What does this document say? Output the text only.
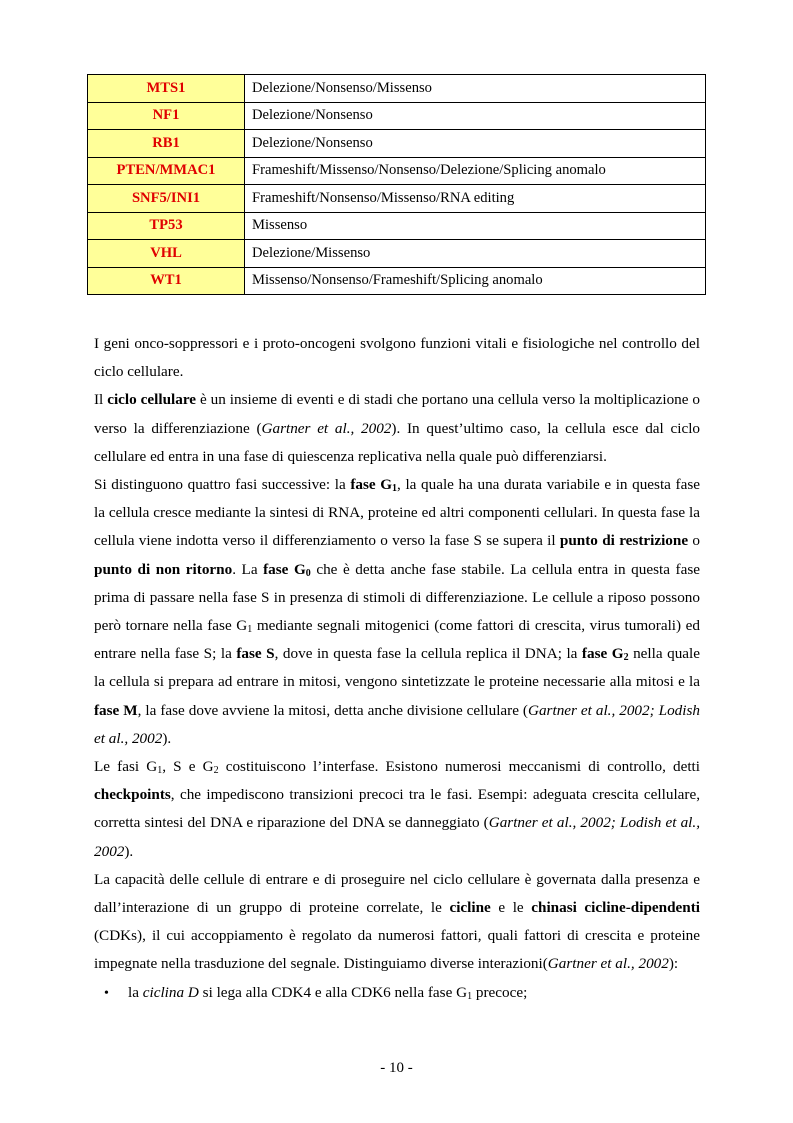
MTS1	Delezione/Nonsenso/Missenso
NF1	Delezione/Nonsenso
RB1	Delezione/Nonsenso
PTEN/MMAC1	Frameshift/Missenso/Nonsenso/Delezione/Splicing anomalo
SNF5/INI1	Frameshift/Nonsenso/Missenso/RNA editing
TP53	Missenso
VHL	Delezione/Missenso
WT1	Missenso/Nonsenso/Frameshift/Splicing anomalo

I geni onco-soppressori e i proto-oncogeni svolgono funzioni vitali e fisiologiche nel controllo del ciclo cellulare.

Il ciclo cellulare è un insieme di eventi e di stadi che portano una cellula verso la moltiplicazione o verso la differenziazione (Gartner et al., 2002). In quest’ultimo caso, la cellula esce dal ciclo cellulare ed entra in una fase di quiescenza replicativa nella quale può differenziarsi.

Si distinguono quattro fasi successive: la fase $G_1$, la quale ha una durata variabile e in questa fase la cellula cresce mediante la sintesi di RNA, proteine ed altri componenti cellulari. In questa fase la cellula viene indotta verso il differenziamento o verso la fase S se supera il punto di restrizione o punto di non ritorno. La fase $G_0$ che è detta anche fase stabile. La cellula entra in questa fase prima di passare nella fase S in presenza di stimoli di differenziazione. Le cellule a riposo possono però tornare nella fase $G_1$ mediante segnali mitogenici (come fattori di crescita, virus tumorali) ed entrare nella fase S; la fase S, dove in questa fase la cellula replica il DNA; la fase $G_2$ nella quale la cellula si prepara ad entrare in mitosi, vengono sintetizzate le proteine necessarie alla mitosi e la fase M, la fase dove avviene la mitosi, detta anche divisione cellulare (Gartner et al., 2002; Lodish et al., 2002).

Le fasi $G_1$, S e $G_2$ costituiscono l’interfase. Esistono numerosi meccanismi di controllo, detti checkpoints, che impediscono transizioni precoci tra le fasi. Esempi: adeguata crescita cellulare, corretta sintesi del DNA e riparazione del DNA se danneggiato (Gartner et al., 2002; Lodish et al., 2002).

La capacità delle cellule di entrare e di proseguire nel ciclo cellulare è governata dalla presenza e dall’interazione di un gruppo di proteine correlate, le cicline e le chinasi cicline-dipendenti (CDKs), il cui accoppiamento è regolato da numerosi fattori, quali fattori di crescita e proteine impegnate nella trasduzione del segnale. Distinguiamo diverse interazioni(Gartner et al., 2002):

•	la ciclina D si lega alla CDK4 e alla CDK6 nella fase $G_1$ precoce;
- 10 -
